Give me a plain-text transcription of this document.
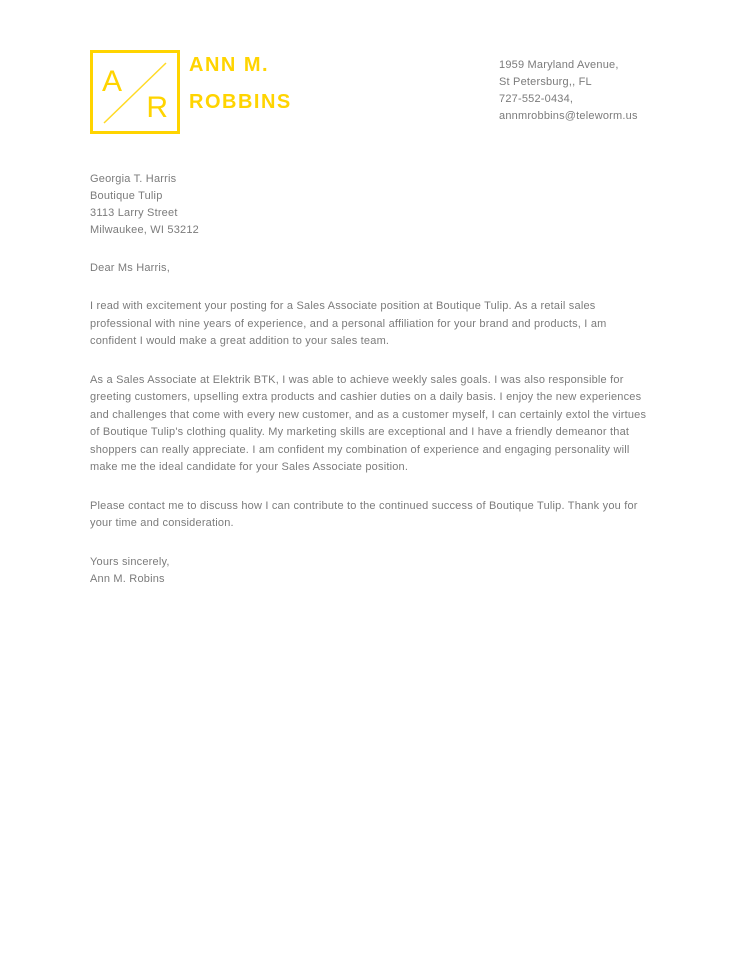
A
R
ANN M.
ROBBINS
1959 Maryland Avenue,
St Petersburg,, FL
727-552-0434,
annmrobbins@teleworm.us
Georgia T. Harris
Boutique Tulip
3113 Larry Street
Milwaukee, WI 53212

Dear Ms Harris,

I read with excitement your posting for a Sales Associate position at Boutique Tulip. As a retail sales professional with nine years of experience, and a personal affiliation for your brand and products, I am confident I would make a great addition to your sales team.

As a Sales Associate at Elektrik BTK, I was able to achieve weekly sales goals. I was also responsible for greeting customers, upselling extra products and cashier duties on a daily basis. I enjoy the new experiences and challenges that come with every new customer, and as a customer myself, I can certainly extol the virtues of Boutique Tulip's clothing quality. My marketing skills are exceptional and I have a friendly demeanor that shoppers can really appreciate. I am confident my combination of experience and engaging personality will make me the ideal candidate for your Sales Associate position.

Please contact me to discuss how I can contribute to the continued success of Boutique Tulip. Thank you for your time and consideration.

Yours sincerely,
Ann M. Robins
